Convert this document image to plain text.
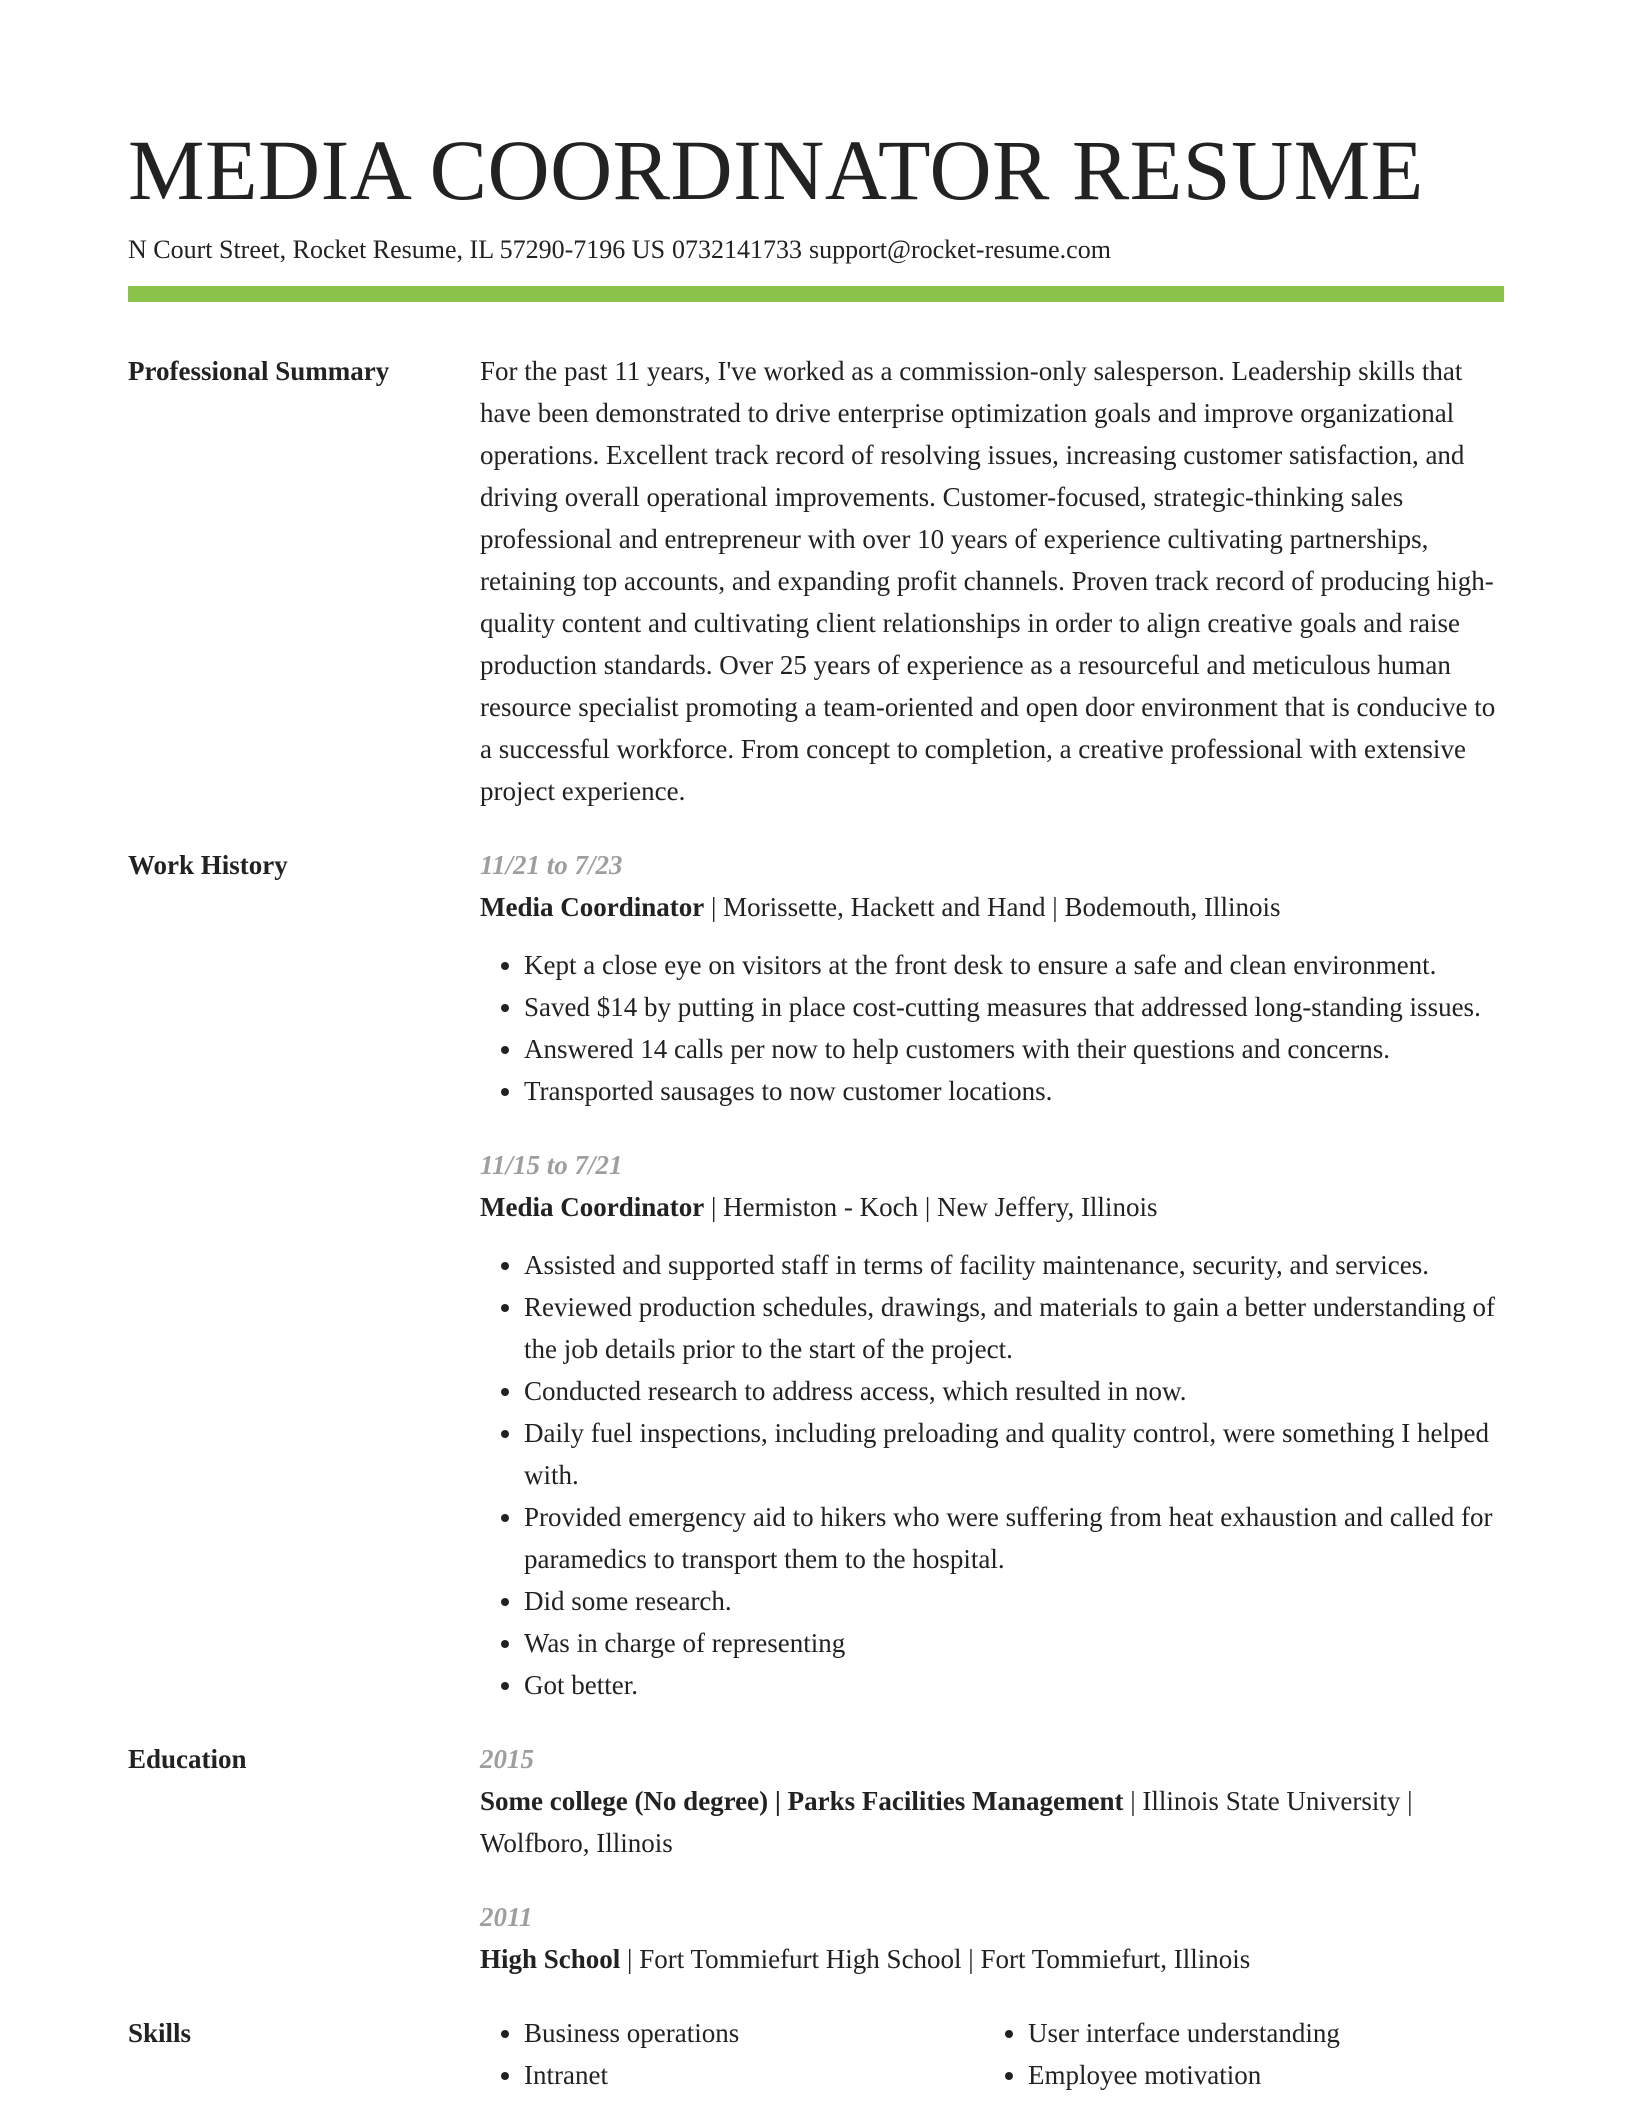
MEDIA COORDINATOR RESUME
N Court Street, Rocket Resume, IL 57290-7196 US 0732141733 support@rocket-resume.com
Professional Summary	For the past 11 years, I've worked as a commission-only salesperson. Leadership skills that have been demonstrated to drive enterprise optimization goals and improve organizational operations. Excellent track record of resolving issues, increasing customer satisfaction, and driving overall operational improvements. Customer-focused, strategic-thinking sales professional and entrepreneur with over 10 years of experience cultivating partnerships, retaining top accounts, and expanding profit channels. Proven track record of producing high-quality content and cultivating client relationships in order to align creative goals and raise production standards. Over 25 years of experience as a resourceful and meticulous human resource specialist promoting a team-oriented and open door environment that is conducive to a successful workforce. From concept to completion, a creative professional with extensive project experience.

Work History	11/21 to 7/23
Media Coordinator | Morissette, Hackett and Hand | Bodemouth, Illinois
• Kept a close eye on visitors at the front desk to ensure a safe and clean environment.
• Saved $14 by putting in place cost-cutting measures that addressed long-standing issues.
• Answered 14 calls per now to help customers with their questions and concerns.
• Transported sausages to now customer locations.
11/15 to 7/21
Media Coordinator | Hermiston - Koch | New Jeffery, Illinois
• Assisted and supported staff in terms of facility maintenance, security, and services.
• Reviewed production schedules, drawings, and materials to gain a better understanding of the job details prior to the start of the project.
• Conducted research to address access, which resulted in now.
• Daily fuel inspections, including preloading and quality control, were something I helped with.
• Provided emergency aid to hikers who were suffering from heat exhaustion and called for paramedics to transport them to the hospital.
• Did some research.
• Was in charge of representing
• Got better.
Education	2015
Some college (No degree) | Parks Facilities Management | Illinois State University | Wolfboro, Illinois
2011
High School | Fort Tommiefurt High School | Fort Tommiefurt, Illinois
Skills
•	Business operations
• Intranet
• User interface understanding
• Employee motivation
